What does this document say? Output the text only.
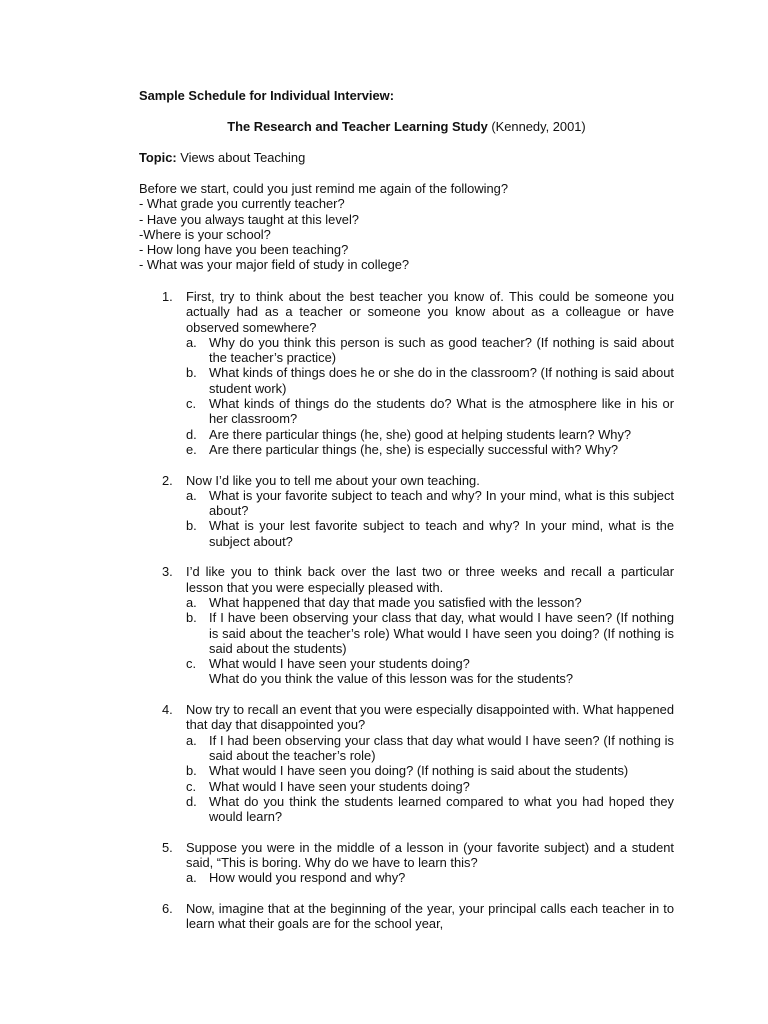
Sample Schedule for Individual Interview:
The Research and Teacher Learning Study (Kennedy, 2001)
Topic: Views about Teaching
Before we start, could you just remind me again of the following?
- What grade you currently teacher?
- Have you always taught at this level?
-Where is your school?
- How long have you been teaching?
- What was your major field of study in college?
1. First, try to think about the best teacher you know of. This could be someone you actually had as a teacher or someone you know about as a colleague or have observed somewhere?
a. Why do you think this person is such as good teacher? (If nothing is said about the teacher’s practice)
b. What kinds of things does he or she do in the classroom? (If nothing is said about student work)
c. What kinds of things do the students do? What is the atmosphere like in his or her classroom?
d. Are there particular things (he, she) good at helping students learn? Why?
e. Are there particular things (he, she) is especially successful with? Why?
2. Now I’d like you to tell me about your own teaching.
a. What is your favorite subject to teach and why? In your mind, what is this subject about?
b. What is your lest favorite subject to teach and why? In your mind, what is the subject about?
3. I’d like you to think back over the last two or three weeks and recall a particular lesson that you were especially pleased with.
a. What happened that day that made you satisfied with the lesson?
b. If I have been observing your class that day, what would I have seen? (If nothing is said about the teacher’s role) What would I have seen you doing? (If nothing is said about the students)
c. What would I have seen your students doing?
What do you think the value of this lesson was for the students?
4. Now try to recall an event that you were especially disappointed with. What happened that day that disappointed you?
a. If I had been observing your class that day what would I have seen? (If nothing is said about the teacher’s role)
b. What would I have seen you doing? (If nothing is said about the students)
c. What would I have seen your students doing?
d. What do you think the students learned compared to what you had hoped they would learn?
5. Suppose you were in the middle of a lesson in (your favorite subject) and a student said, “This is boring. Why do we have to learn this?
a. How would you respond and why?
6. Now, imagine that at the beginning of the year, your principal calls each teacher in to learn what their goals are for the school year,
